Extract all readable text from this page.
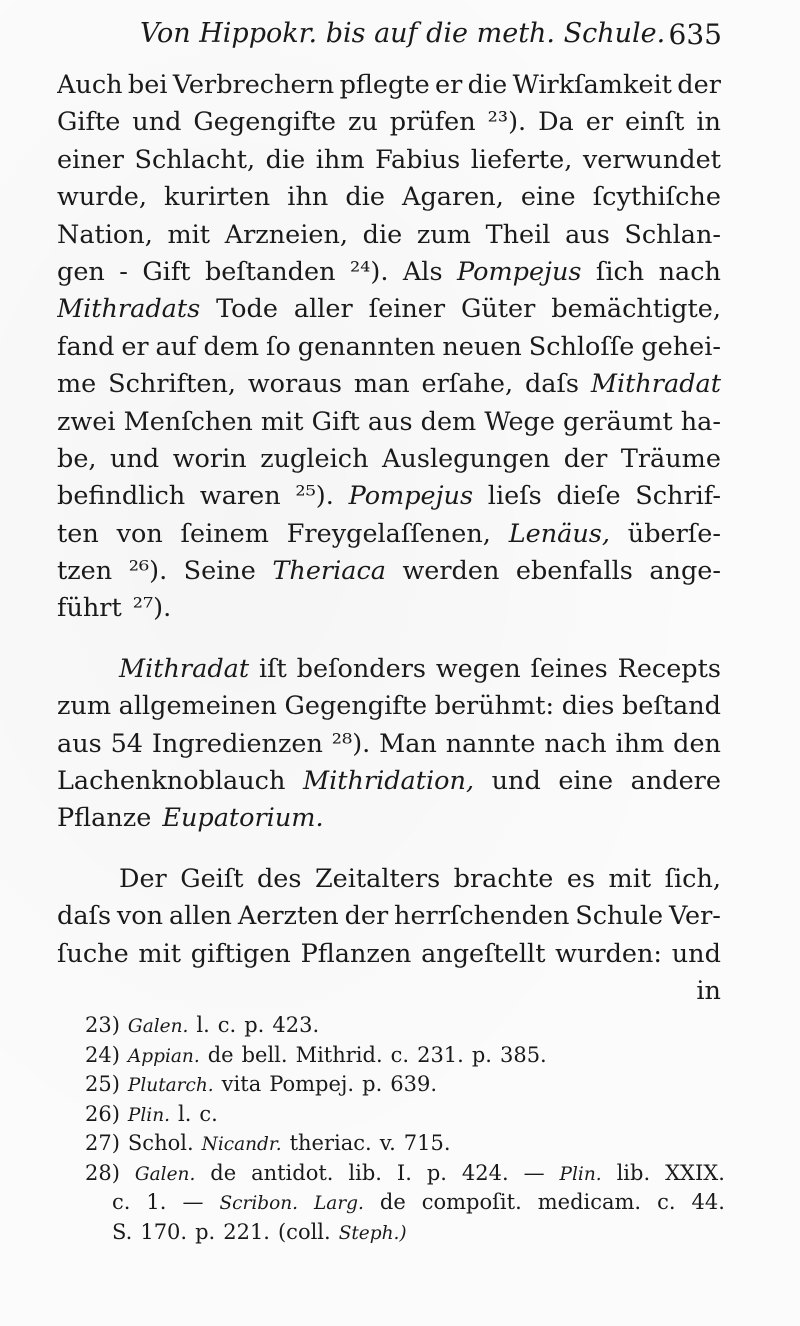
Von Hippokr. bis auf die meth. Schule. 635
Auch bei Verbrechern pflegte er die Wirkſamkeit der
Gifte und Gegengifte zu prüfen ²³). Da er einſt in
einer Schlacht, die ihm Fabius lieferte, verwundet
wurde, kurirten ihn die Agaren, eine ſcythiſche
Nation, mit Arzneien, die zum Theil aus Schlan-
gen - Gift beſtanden ²⁴). Als Pompejus ſich nach
Mithradats Tode aller ſeiner Güter bemächtigte,
fand er auf dem ſo genannten neuen Schloſſe gehei-
me Schriften, woraus man erſahe, daſs Mithradat
zwei Menſchen mit Gift aus dem Wege geräumt ha-
be, und worin zugleich Auslegungen der Träume
befindlich waren ²⁵). Pompejus lieſs dieſe Schrif-
ten von ſeinem Freygelaſſenen, Lenäus, überſe-
tzen ²⁶). Seine Theriaca werden ebenfalls ange-
führt ²⁷).
Mithradat iſt beſonders wegen ſeines Recepts
zum allgemeinen Gegengifte berühmt: dies beſtand
aus 54 Ingredienzen ²⁸). Man nannte nach ihm den
Lachenknoblauch Mithridation, und eine andere
Pflanze Eupatorium.
Der Geiſt des Zeitalters brachte es mit ſich,
daſs von allen Aerzten der herrſchenden Schule Ver-
ſuche mit giftigen Pflanzen angeſtellt wurden: und
in
23) Galen. l. c. p. 423.
24) Appian. de bell. Mithrid. c. 231. p. 385.
25) Plutarch. vita Pompej. p. 639.
26) Plin. l. c.
27) Schol. Nicandr. theriac. v. 715.
28) Galen. de antidot. lib. I. p. 424. — Plin. lib. XXIX.
c. 1. — Scribon. Larg. de compoſit. medicam. c. 44.
S. 170. p. 221. (coll. Steph.)
